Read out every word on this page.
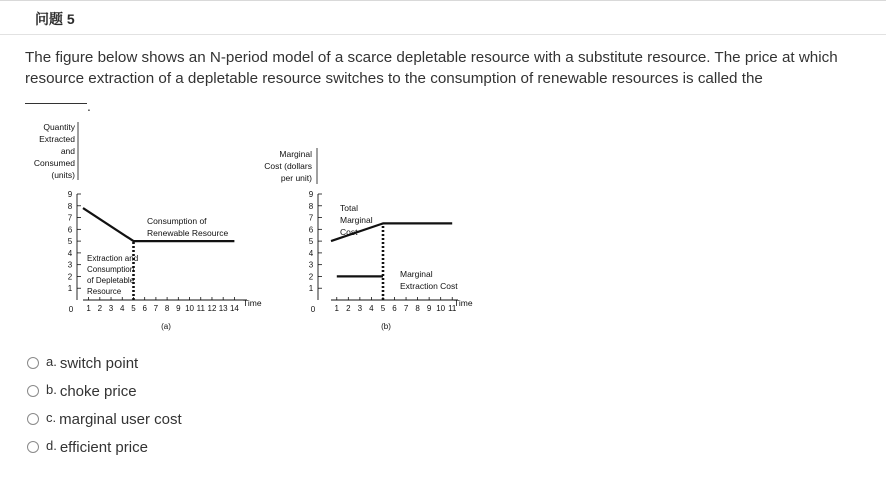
问题 5
The figure below shows an N-period model of a scarce depletable resource with a substitute resource. The price at which resource extraction of a depletable resource switches to the consumption of renewable resources is called the
.
Quantity
Extracted
and
Consumed
(units)
9
8
7
6
5
4
3
2
1
0 1 2 3 4 5 6 7 8 9 10 11 12 13 14
Time
(a)
Consumption of
Renewable Resource
Extraction and
Consumption
of Depletable
Resource
Marginal
Cost (dollars
per unit)
9
8
7
6
5
4
3
2
1
0 1 2 3 4 5 6 7 8 9 10 11
Time
(b)
Total
Marginal
Cost
Marginal
Extraction Cost
a. switch point
b. choke price
c. marginal user cost
d. efficient price
